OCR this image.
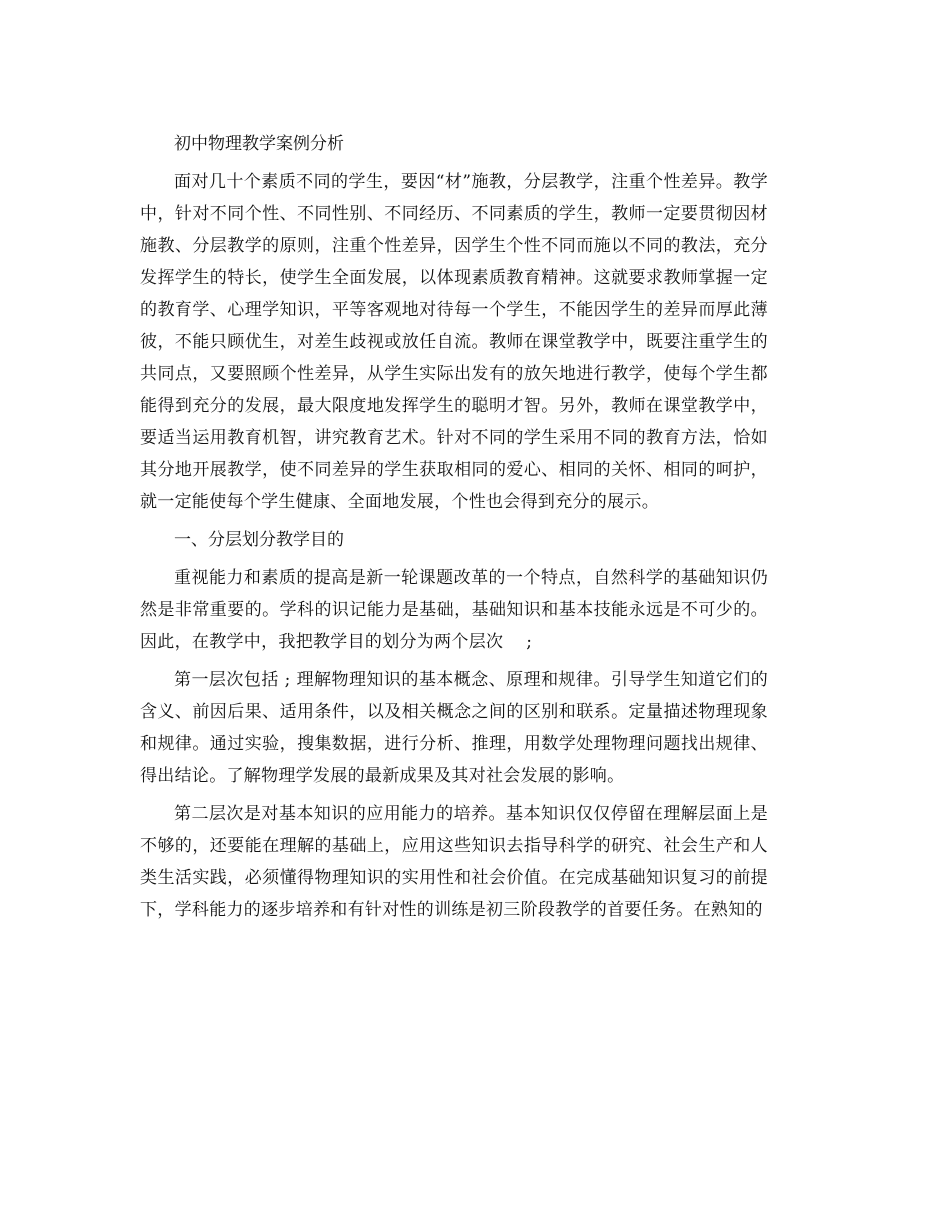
初中物理教学案例分析

面对几十个素质不同的学生，要因“材”施教，分层教学，注重个性差异。教学中，针对不同个性、不同性别、不同经历、不同素质的学生，教师一定要贯彻因材施教、分层教学的原则，注重个性差异，因学生个性不同而施以不同的教法，充分发挥学生的特长，使学生全面发展，以体现素质教育精神。这就要求教师掌握一定的教育学、心理学知识，平等客观地对待每一个学生，不能因学生的差异而厚此薄彼，不能只顾优生，对差生歧视或放任自流。教师在课堂教学中，既要注重学生的共同点，又要照顾个性差异，从学生实际出发有的放矢地进行教学，使每个学生都能得到充分的发展，最大限度地发挥学生的聪明才智。另外，教师在课堂教学中，要适当运用教育机智，讲究教育艺术。针对不同的学生采用不同的教育方法，恰如其分地开展教学，使不同差异的学生获取相同的爱心、相同的关怀、相同的呵护，就一定能使每个学生健康、全面地发展，个性也会得到充分的展示。

一、分层划分教学目的

重视能力和素质的提高是新一轮课题改革的一个特点，自然科学的基础知识仍然是非常重要的。学科的识记能力是基础，基础知识和基本技能永远是不可少的。因此，在教学中，我把教学目的划分为两个层次　 ;

第一层次包括 ; 理解物理知识的基本概念、原理和规律。引导学生知道它们的含义、前因后果、适用条件，以及相关概念之间的区别和联系。定量描述物理现象和规律。通过实验，搜集数据，进行分析、推理，用数学处理物理问题找出规律、得出结论。了解物理学发展的最新成果及其对社会发展的影响。

第二层次是对基本知识的应用能力的培养。基本知识仅仅停留在理解层面上是不够的，还要能在理解的基础上，应用这些知识去指导科学的研究、社会生产和人类生活实践，必须懂得物理知识的实用性和社会价值。在完成基础知识复习的前提下，学科能力的逐步培养和有针对性的训练是初三阶段教学的首要任务。在熟知的
